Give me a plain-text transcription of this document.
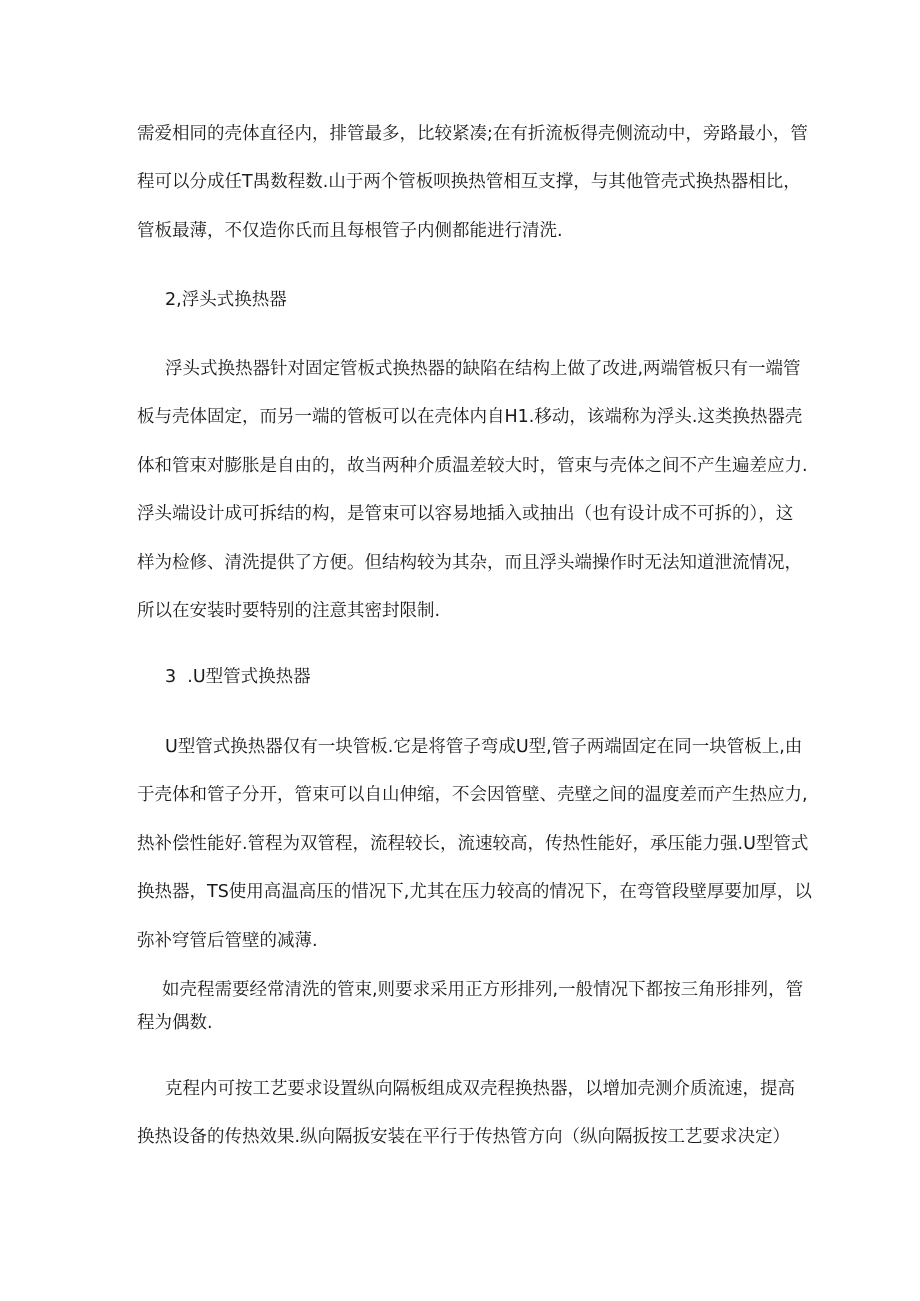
需爱相同的壳体直径内，排管最多，比较紧凑;在有折流板得壳侧流动中，旁路最小，管
程可以分成任T禺数程数.山于两个管板呗换热管相互支撑，与其他管壳式换热器相比，
管板最薄，不仅造你氏而且每根管子内侧都能进行清洗.
2,浮头式换热器
浮头式换热器针对固定管板式换热器的缺陷在结构上做了改进,两端管板只有一端管
板与壳体固定，而另一端的管板可以在壳体内自H1.移动，该端称为浮头.这类换热器壳
体和管束对膨胀是自由的，故当两种介质温差较大时，管束与壳体之间不产生遍差应力.
浮头端设计成可拆结的构，是管束可以容易地插入或抽出（也有设计成不可拆的），这
样为检修、清洗提供了方便。但结构较为其杂，而且浮头端操作时无法知道泄流情况，
所以在安装时要特别的注意其密封限制.
3  .U型管式换热器
U型管式换热器仅有一块管板.它是将管子弯成U型,管子两端固定在同一块管板上,由
于壳体和管子分开，管束可以自山伸缩，不会因管壁、壳壁之间的温度差而产生热应力,
热补偿性能好.管程为双管程，流程较长，流速较高，传热性能好，承压能力强.U型管式
换热器，TS使用高温高压的惜况下,尤其在压力较高的情况下，在弯管段壁厚要加厚，以
弥补穹管后管壁的减薄.
如壳程需要经常清洗的管束,则要求采用正方形排列,一般情况下都按三角形排列，管
程为偶数.
克程内可按工艺要求设置纵向隔板组成双壳程换热器，以增加壳测介质流速，提高
换热设备的传热效果.纵向隔扳安装在平行于传热管方向（纵向隔扳按工艺要求决定）
